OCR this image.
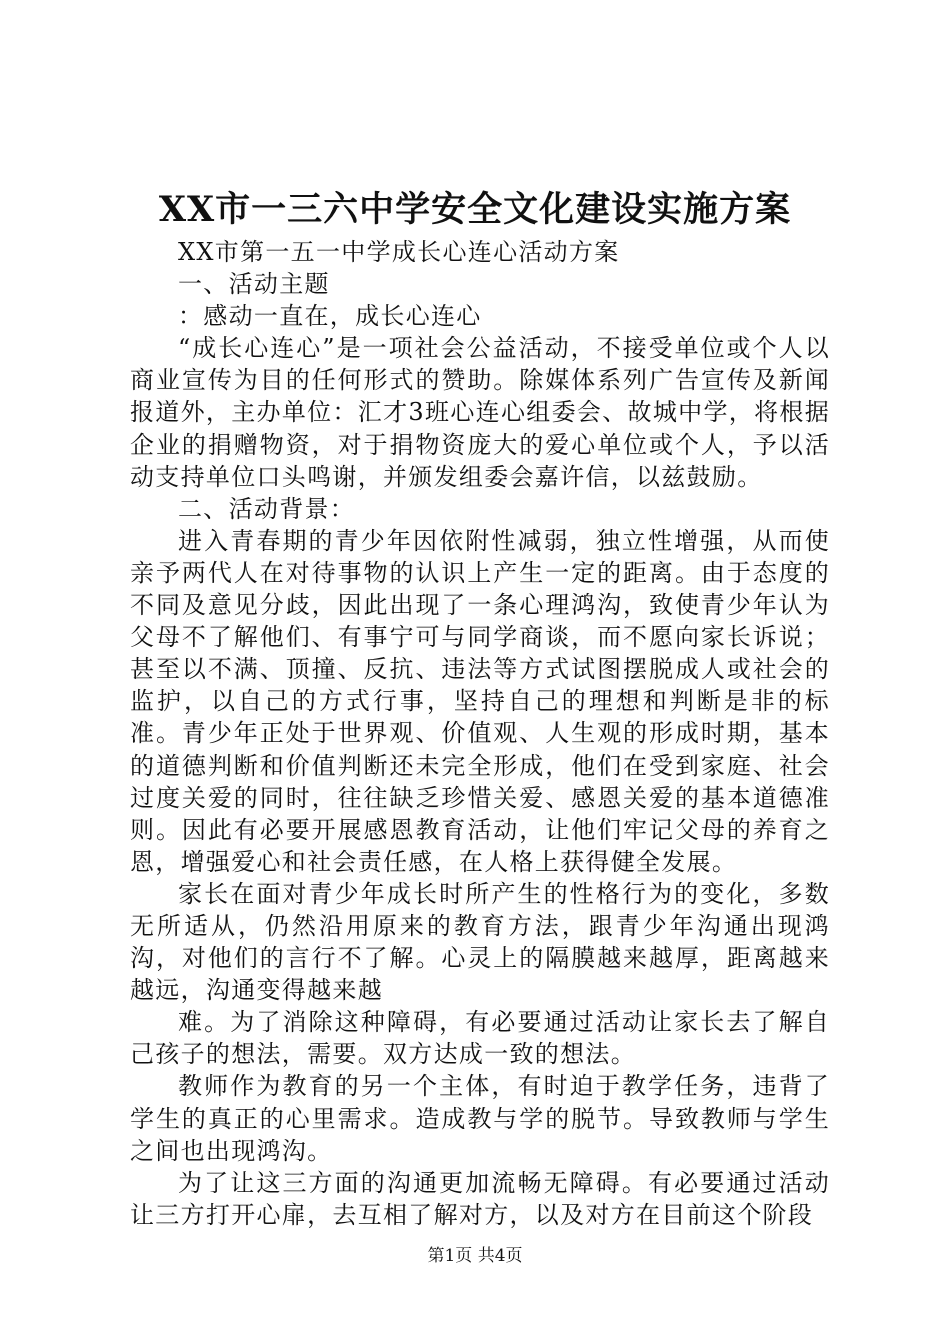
XX市一三六中学安全文化建设实施方案

XX市第一五一中学成长心连心活动方案

一、活动主题

：感动一直在，成长心连心

“成长心连心”是一项社会公益活动，不接受单位或个人以商业宣传为目的任何形式的赞助。除媒体系列广告宣传及新闻报道外，主办单位：汇才3班心连心组委会、故城中学，将根据企业的捐赠物资，对于捐物资庞大的爱心单位或个人，予以活动支持单位口头鸣谢，并颁发组委会嘉许信，以兹鼓励。

二、活动背景：

进入青春期的青少年因依附性减弱，独立性增强，从而使亲予两代人在对待事物的认识上产生一定的距离。由于态度的不同及意见分歧，因此出现了一条心理鸿沟，致使青少年认为父母不了解他们、有事宁可与同学商谈，而不愿向家长诉说；甚至以不满、顶撞、反抗、违法等方式试图摆脱成人或社会的监护，以自己的方式行事，坚持自己的理想和判断是非的标准。青少年正处于世界观、价值观、人生观的形成时期，基本的道德判断和价值判断还未完全形成，他们在受到家庭、社会过度关爱的同时，往往缺乏珍惜关爱、感恩关爱的基本道德准则。因此有必要开展感恩教育活动，让他们牢记父母的养育之恩，增强爱心和社会责任感，在人格上获得健全发展。

家长在面对青少年成长时所产生的性格行为的变化，多数无所适从，仍然沿用原来的教育方法，跟青少年沟通出现鸿沟，对他们的言行不了解。心灵上的隔膜越来越厚，距离越来越远，沟通变得越来越

难。为了消除这种障碍，有必要通过活动让家长去了解自己孩子的想法，需要。双方达成一致的想法。

教师作为教育的另一个主体，有时迫于教学任务，违背了学生的真正的心里需求。造成教与学的脱节。导致教师与学生之间也出现鸿沟。

为了让这三方面的沟通更加流畅无障碍。有必要通过活动让三方打开心扉，去互相了解对方，以及对方在目前这个阶段

第1页 共4页
